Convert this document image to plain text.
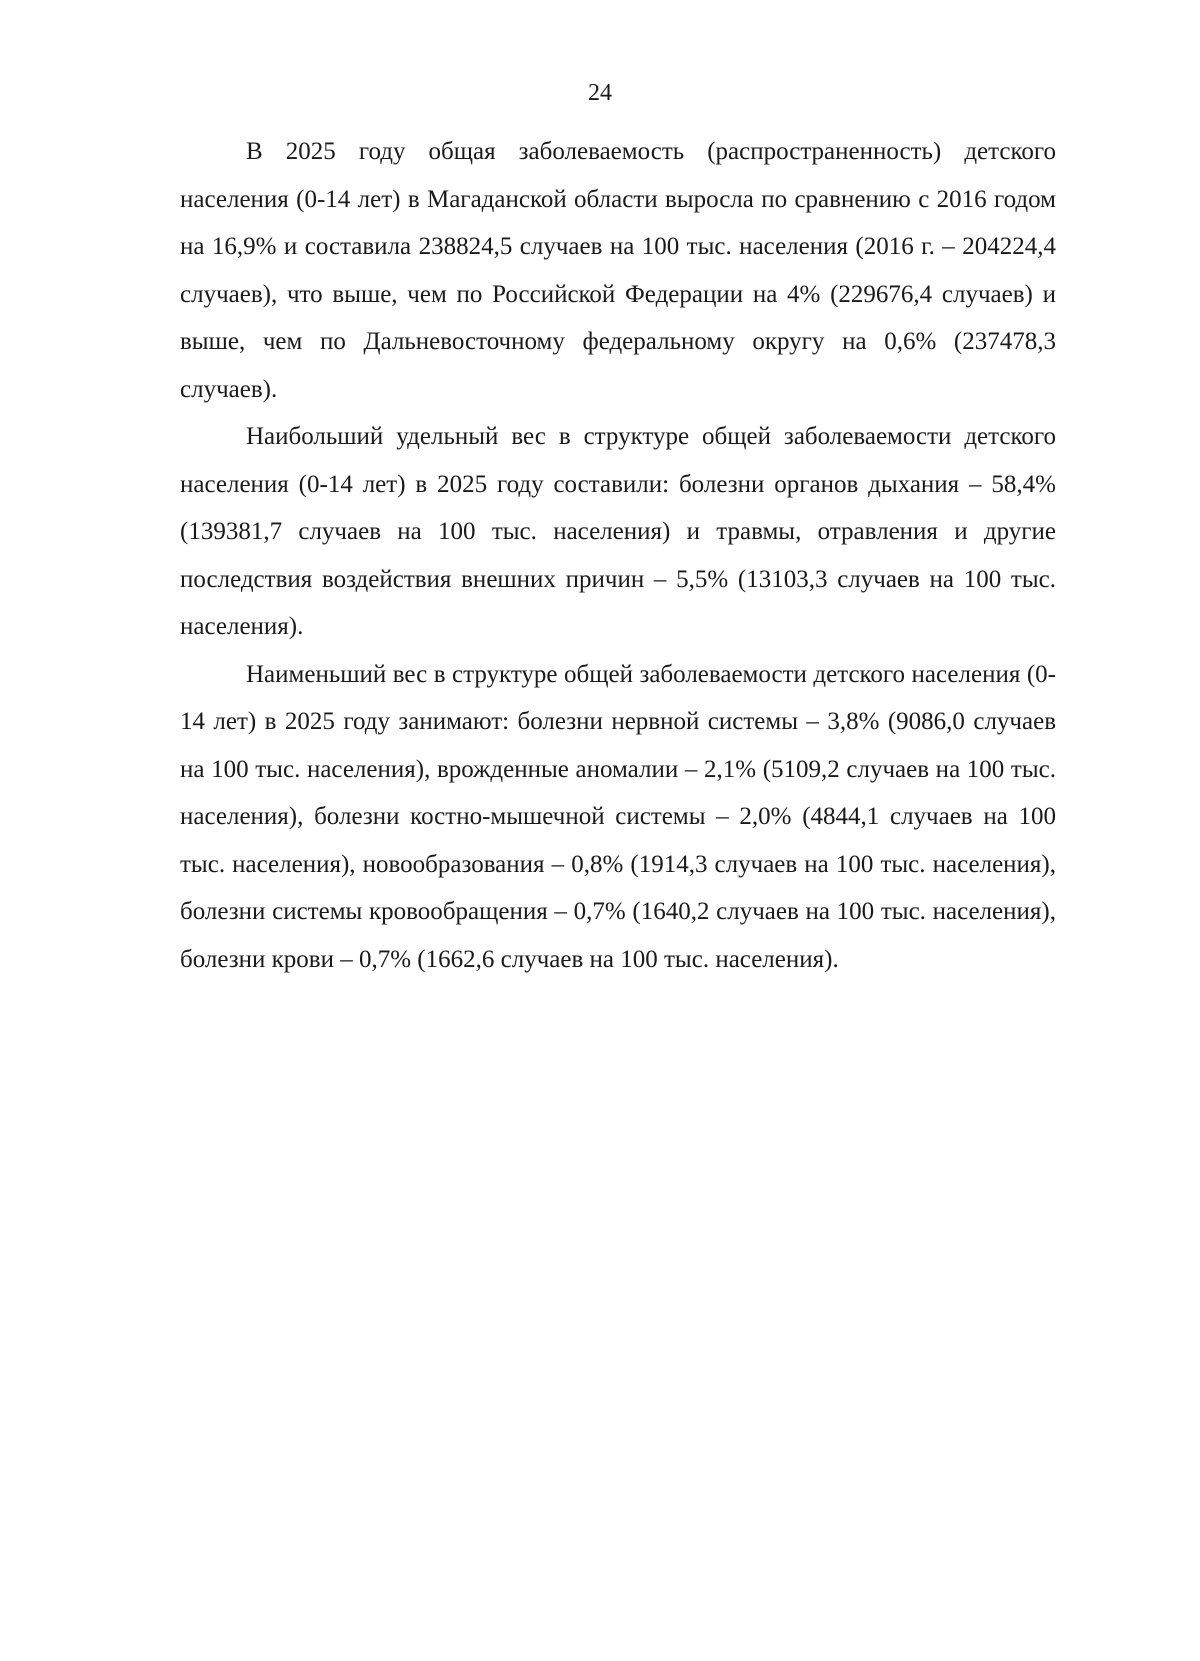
24

В 2025 году общая заболеваемость (распространенность) детского населения (0-14 лет) в Магаданской области выросла по сравнению с 2016 годом на 16,9% и составила 238824,5 случаев на 100 тыс. населения (2016 г. – 204224,4 случаев), что выше, чем по Российской Федерации на 4% (229676,4 случаев) и выше, чем по Дальневосточному федеральному округу на 0,6% (237478,3 случаев).

Наибольший удельный вес в структуре общей заболеваемости детского населения (0-14 лет) в 2025 году составили: болезни органов дыхания – 58,4% (139381,7 случаев на 100 тыс. населения) и травмы, отравления и другие последствия воздействия внешних причин – 5,5% (13103,3 случаев на 100 тыс. населения).

Наименьший вес в структуре общей заболеваемости детского населения (0-14 лет) в 2025 году занимают: болезни нервной системы – 3,8% (9086,0 случаев на 100 тыс. населения), врожденные аномалии – 2,1% (5109,2 случаев на 100 тыс. населения), болезни костно-мышечной системы – 2,0% (4844,1 случаев на 100 тыс. населения), новообразования – 0,8% (1914,3 случаев на 100 тыс. населения), болезни системы кровообращения – 0,7% (1640,2 случаев на 100 тыс. населения), болезни крови – 0,7% (1662,6 случаев на 100 тыс. населения).
